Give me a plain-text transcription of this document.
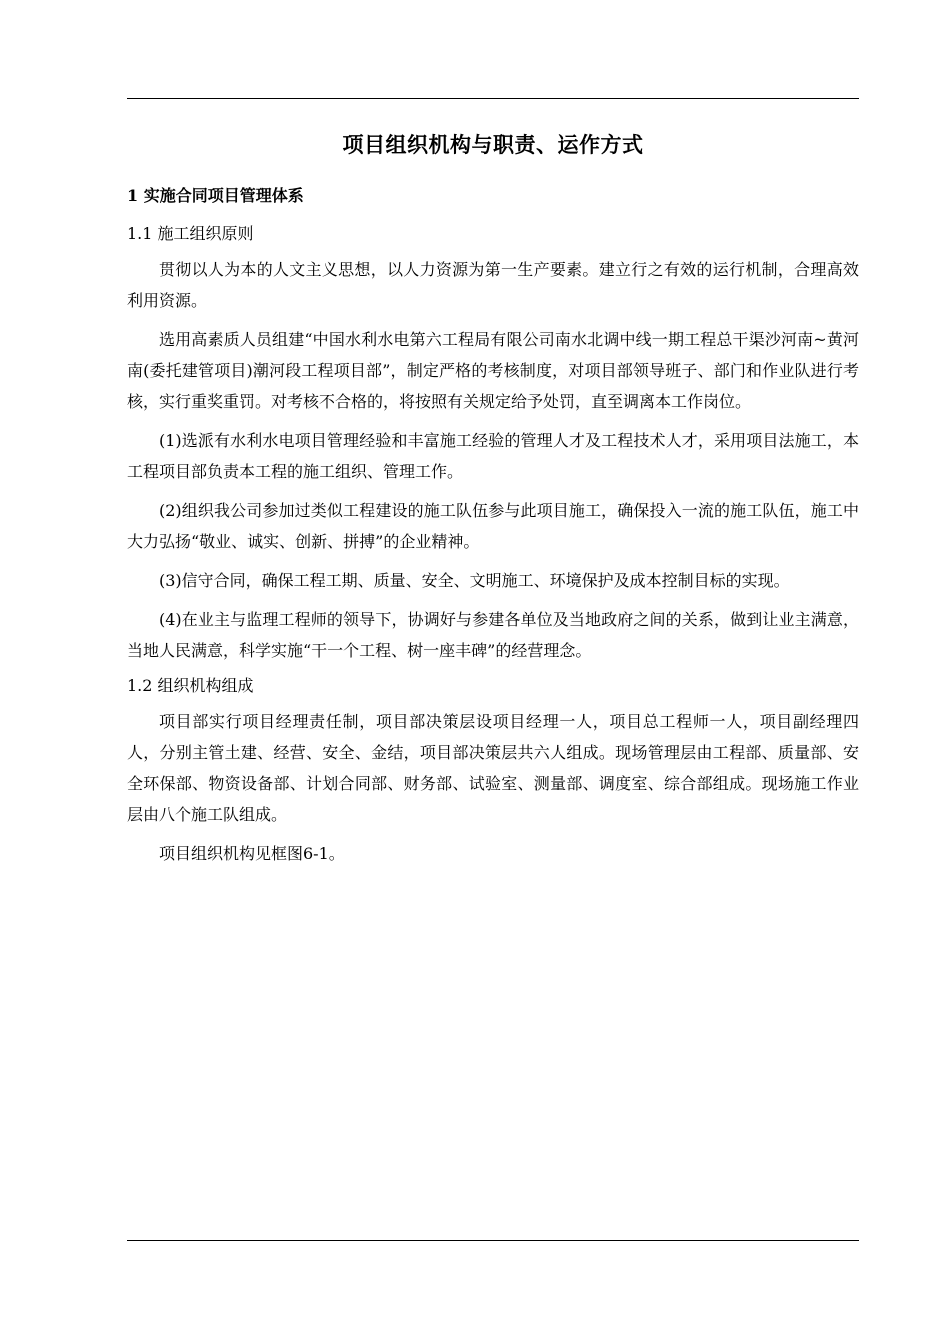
项目组织机构与职责、运作方式
1 实施合同项目管理体系
1.1 施工组织原则

贯彻以人为本的人文主义思想，以人力资源为第一生产要素。建立行之有效的运行机制，合理高效利用资源。

选用高素质人员组建“中国水利水电第六工程局有限公司南水北调中线一期工程总干渠沙河南~黄河南(委托建管项目)潮河段工程项目部”，制定严格的考核制度，对项目部领导班子、部门和作业队进行考核，实行重奖重罚。对考核不合格的，将按照有关规定给予处罚，直至调离本工作岗位。

(1)选派有水利水电项目管理经验和丰富施工经验的管理人才及工程技术人才，采用项目法施工，本工程项目部负责本工程的施工组织、管理工作。

(2)组织我公司参加过类似工程建设的施工队伍参与此项目施工，确保投入一流的施工队伍，施工中大力弘扬“敬业、诚实、创新、拼搏”的企业精神。

(3)信守合同，确保工程工期、质量、安全、文明施工、环境保护及成本控制目标的实现。

(4)在业主与监理工程师的领导下，协调好与参建各单位及当地政府之间的关系，做到让业主满意，当地人民满意，科学实施“干一个工程、树一座丰碑”的经营理念。

1.2 组织机构组成

项目部实行项目经理责任制，项目部决策层设项目经理一人，项目总工程师一人，项目副经理四人，分别主管土建、经营、安全、金结，项目部决策层共六人组成。现场管理层由工程部、质量部、安全环保部、物资设备部、计划合同部、财务部、试验室、测量部、调度室、综合部组成。现场施工作业层由八个施工队组成。

项目组织机构见框图6-1。
